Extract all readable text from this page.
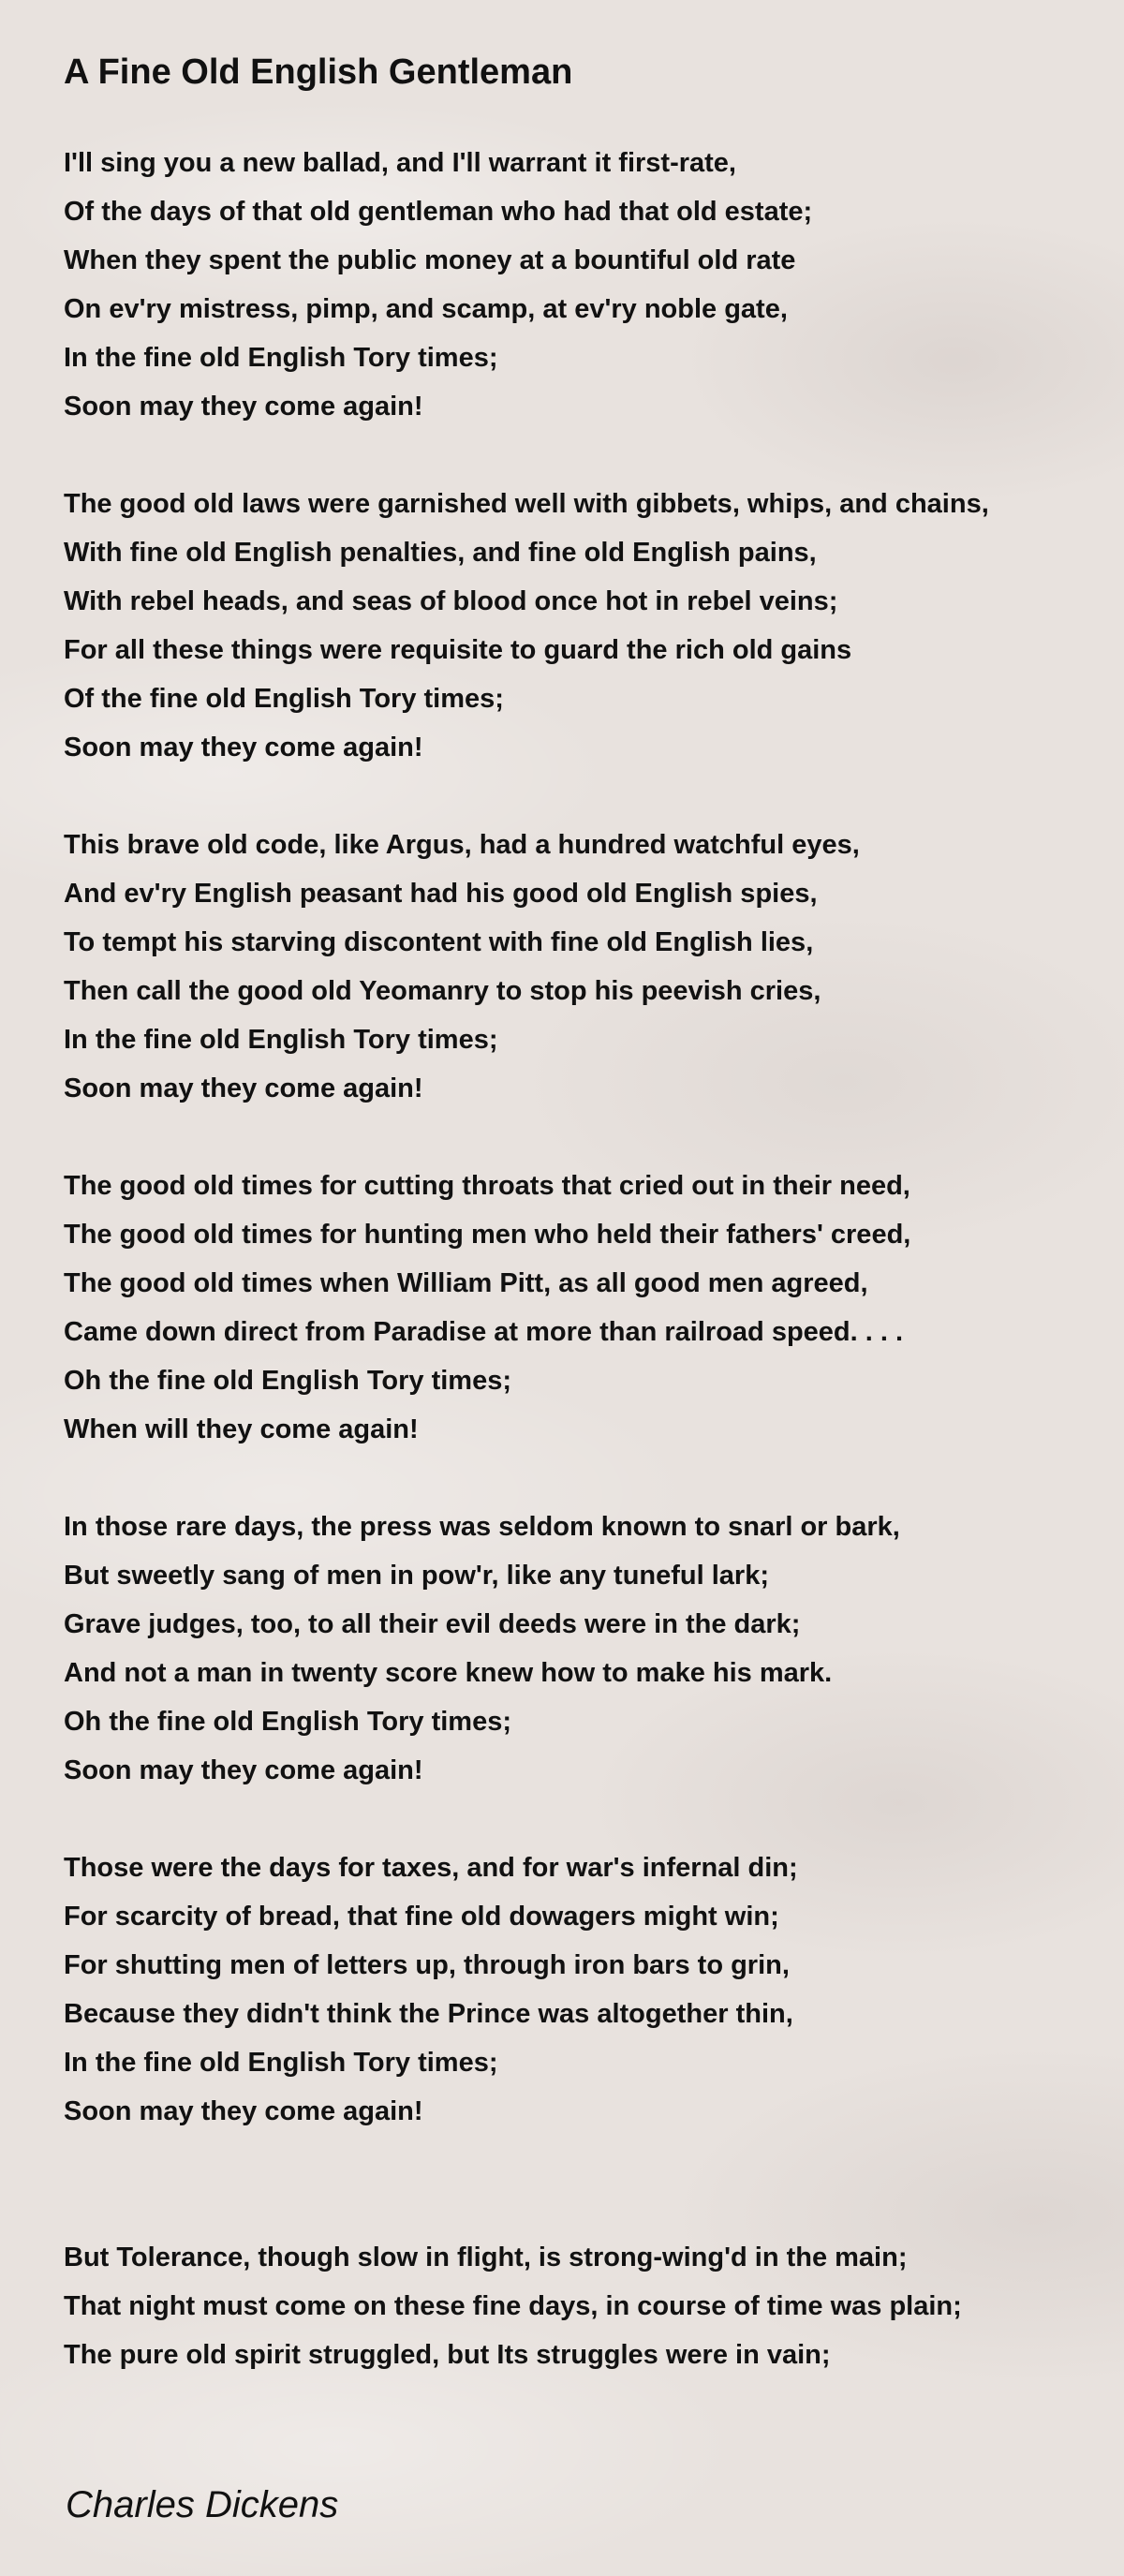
A Fine Old English Gentleman
I'll sing you a new ballad, and I'll warrant it first-rate,
Of the days of that old gentleman who had that old estate;
When they spent the public money at a bountiful old rate
On ev'ry mistress, pimp, and scamp, at ev'ry noble gate,
In the fine old English Tory times;
Soon may they come again!
The good old laws were garnished well with gibbets, whips, and chains,
With fine old English penalties, and fine old English pains,
With rebel heads, and seas of blood once hot in rebel veins;
For all these things were requisite to guard the rich old gains
Of the fine old English Tory times;
Soon may they come again!
This brave old code, like Argus, had a hundred watchful eyes,
And ev'ry English peasant had his good old English spies,
To tempt his starving discontent with fine old English lies,
Then call the good old Yeomanry to stop his peevish cries,
In the fine old English Tory times;
Soon may they come again!
The good old times for cutting throats that cried out in their need,
The good old times for hunting men who held their fathers' creed,
The good old times when William Pitt, as all good men agreed,
Came down direct from Paradise at more than railroad speed. . . .
Oh the fine old English Tory times;
When will they come again!
In those rare days, the press was seldom known to snarl or bark,
But sweetly sang of men in pow'r, like any tuneful lark;
Grave judges, too, to all their evil deeds were in the dark;
And not a man in twenty score knew how to make his mark.
Oh the fine old English Tory times;
Soon may they come again!
Those were the days for taxes, and for war's infernal din;
For scarcity of bread, that fine old dowagers might win;
For shutting men of letters up, through iron bars to grin,
Because they didn't think the Prince was altogether thin,
In the fine old English Tory times;
Soon may they come again!
But Tolerance, though slow in flight, is strong-wing'd in the main;
That night must come on these fine days, in course of time was plain;
The pure old spirit struggled, but Its struggles were in vain;

Charles Dickens
